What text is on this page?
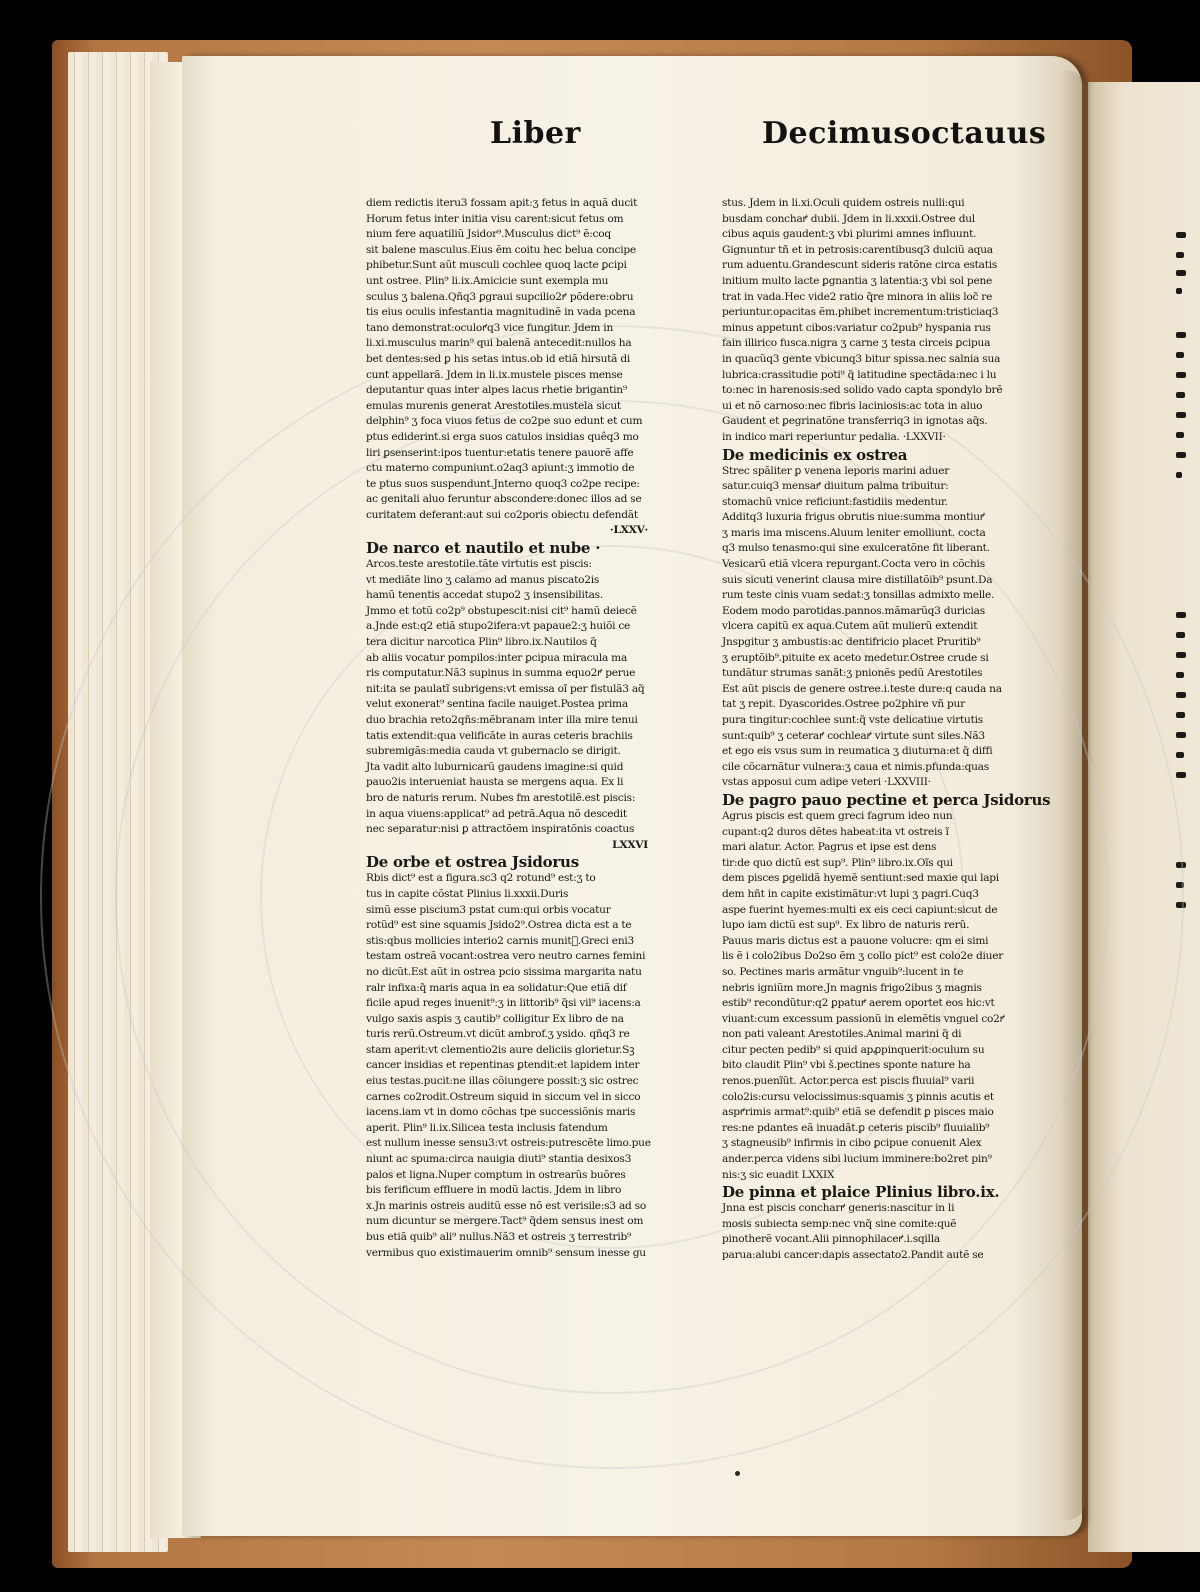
Liber	Decimusoctauus
diem redictis iteru3 fossam apit:ʒ fetus in aquã ducit
Horum fetus inter initia visu carent:sicut fetus om
nium fere aquatiliũ Jsidor⁹.Musculus dict⁹ ẽ:coq
sit balene masculus.Eius ẽm coitu hec belua concipe
phibetur.Sunt aũt musculi cochlee quoq lacte ꝑcipi
unt ostree. Plin⁹ li.ix.Amicicie sunt exempla mu
sculus ʒ balena.Qñq3 ꝑgraui supcilio2ꝵ põdere:obru
tis eius oculis infestantia magnitudinẽ in vada pcena
tano demonstrat:oculoꝵq3 vice fungitur. Jdem in
li.xi.musculus marin⁹ qui balenã antecedit:nullos ha
bet dentes:sed ꝑ his setas intus.ob id etiã hirsutã di
cunt appellarã. Jdem in li.ix.mustele pisces mense
deputantur quas inter alpes lacus rhetie brigantin⁹
emulas murenis generat Arestotiles.mustela sicut
delphin⁹ ʒ foca viuos fetus de co2pe suo edunt et cum
ptus ediderint.si erga suos catulos insidias quêq3 mo
liri ꝑsenserint:ipos tuentur:etatis tenere pauorẽ affe
ctu materno compuniunt.o2aq3 apiunt:ʒ immotio de
te ptus suos suspendunt.Jnterno quoq3 co2pe recipe:
ac genitali aluo feruntur abscondere:donec illos ad se
curitatem deferant:aut sui co2poris obiectu defendãt
·LXXV·
De narco et nautilo et nube ·
Arcos.teste arestotile.tãte virtutis est piscis:
vt mediãte lino ʒ calamo ad manus piscato2is
hamũ tenentis accedat stupo2 ʒ insensibilitas.
Jmmo et totũ co2p⁹ obstupescit:nisi cit⁹ hamũ deiecẽ
a.Jnde est:q2 etiã stupo2ifera:vt papaue2:ʒ huiõi ce
tera dicitur narcotica Plin⁹ libro.ix.Nautilos q̃
ab aliis vocatur pompilos:inter ꝑcipua miracula ma
ris computatur.Nã3 supinus in summa equo2ꝵ perue
nit:ita se paulatĩ subrigens:vt emissa oĩ per fistulã3 aq̃
velut exonerat⁹ sentina facile nauiget.Postea prima
duo brachia reto2qñs:mẽbranam inter illa mire tenui
tatis extendit:qua velificãte in auras ceteris brachiis
subremigãs:media cauda vt gubernaclo se dirigit.
Jta vadit alto luburnicarũ gaudens imagine:si quid
pauo2is interueniat hausta se mergens aqua. Ex li
bro de naturis rerum. Nubes fm arestotilẽ.est piscis:
in aqua viuens:applicat⁹ ad petrã.Aqua nõ descedit
nec separatur:nisi ꝑ attractõem inspiratõnis coactus
LXXVI
De orbe et ostrea Jsidorus
Rbis dict⁹ est a figura.sc3 q2 rotund⁹ est:ʒ to
tus in capite cõstat Plinius li.xxxii.Duris
simũ esse piscium3 pstat cum:qui orbis vocatur
rotũd⁹ est sine squamis Jsido2⁹.Ostrea dicta est a te
stis:qbus mollicies interio2 carnis munitᷣ.Greci eni3
testam ostreã vocant:ostrea vero neutro carnes femini
no dicũt.Est aũt in ostrea pcio sissima margarita natu
ralr infixa:q̃ maris aqua in ea solidatur:Que etiã dif
ficile apud reges inuenit⁹:ʒ in littorib⁹ q̃si vil⁹ iacens:a
vulgo saxis aspis ʒ cautib⁹ colligitur Ex libro de na
turis rerũ.Ostreum.vt dicũt ambrof.ʒ ysido. qñq3 re
stam aperit:vt clementio2is aure deliciis glorietur.Sꝫ
cancer insidias et repentinas ꝑtendit:et lapidem inter
eius testas.pucit:ne illas cõiungere possit:ʒ sic ostrec
carnes co2rodit.Ostreum siquid in siccum vel in sicco
iacens.iam vt in domo cõchas tpe successiõnis maris
aperit. Plin⁹ li.ix.Silicea testa inclusis fatendum
est nullum inesse sensu3:vt ostreis:putrescẽte limo.pue
niunt ac spuma:circa nauigia diuti⁹ stantia desixos3
palos et ligna.Nuper comptum in ostrearũs buõres
bis ferificum effluere in modũ lactis. Jdem in libro
x.Jn marinis ostreis auditũ esse nõ est verisile:s3 ad so
num dicuntur se mergere.Tact⁹ q̃dem sensus inest om
bus etiã quib⁹ ali⁹ nullus.Nã3 et ostreis ʒ terrestrib⁹
vermibus quo existimauerim omnib⁹ sensum inesse gu
stus. Jdem in li.xi.Oculi quidem ostreis nulli:qui
busdam conchaꝵ dubii. Jdem in li.xxxii.Ostree dul
cibus aquis gaudent:ʒ vbi plurimi amnes influunt.
Gignuntur tñ et in petrosis:carentibusq3 dulciũ aqua
rum aduentu.Grandescunt sideris ratõne circa estatis
initium multo lacte ꝑgnantia ʒ latentia:ʒ vbi sol pene
trat in vada.Hec vide2 ratio q̃re minora in aliis loc̃ re
periuntur.opacitas ẽm.phibet incrementum:tristiciaq3
minus appetunt cibos:variatur co2pub⁹ hyspania rus
fain illirico fusca.nigra ʒ carne ʒ testa circeis ꝑcipua
in quacũq3 gente vbicunq3 bitur spissa.nec salnia sua
lubrica:crassitudie poti⁹ q̃ latitudine spectãda:nec i lu
to:nec in harenosis:sed solido vado capta spondylo brẽ
ui et nõ carnoso:nec fibris laciniosis:ac tota in aluo
Gaudent et ꝑegrinatõne transferriq3 in ignotas aq̃s.
in indico mari reperiuntur pedalia. ·LXXVII·
De medicinis ex ostrea
Strec spãliter ꝑ venena leporis marini aduer
satur.cuiq3 mensaꝵ diuitum palma tribuitur:
stomachũ vnice reficiunt:fastidiis medentur.
Additq3 luxuria frigus obrutis niue:summa montiuꝵ
ʒ maris ima miscens.Aluum leniter emolliunt. cocta
q3 mulso tenasmo:qui sine exulceratõne fit liberant.
Vesicarũ etiã vlcera repurgant.Cocta vero in cõchis
suis sicuti venerint clausa mire distillatõib⁹ psunt.Da
rum teste cinis vuam sedat:ʒ tonsillas admixto melle.
Eodem modo parotidas.pannos.mãmarũq3 duricias
vlcera capitũ ex aqua.Cutem aũt mulierũ extendit
Jnspgitur ʒ ambustis:ac dentifricio placet Pruritib⁹
ʒ eruptõib⁹.pituite ex aceto medetur.Ostree crude si
tundãtur strumas sanãt:ʒ pnionẽs pedũ Arestotiles
Est aũt piscis de genere ostree.i.teste dure:q cauda na
tat ʒ repit. Dyascorides.Ostree po2phire vñ pur
pura tingitur:cochlee sunt:q̃ vste delicatiue virtutis
sunt:quib⁹ ʒ ceteraꝵ cochleaꝵ virtute sunt siles.Nã3
et ego eis vsus sum in reumatica ʒ diuturna:et q̃ diffi
cile cõcarnãtur vulnera:ʒ caua et nimis.pfunda:quas
vstas apposui cum adipe veteri ·LXXVIII·
De pagro pauo pectine et perca Jsidorus
Agrus piscis est quem greci fagrum ideo nun
cupant:q2 duros dẽtes habeat:ita vt ostreis ĩ
mari alatur. Actor. Pagrus et ipse est dens
tir:de quo dictũ est sup⁹. Plin⁹ libro.ix.Oĩs qui
dem pisces ꝑgelidã hyemẽ sentiunt:sed maxie qui lapi
dem hñt in capite existimãtur:vt lupi ʒ pagri.Cuq3
aspe fuerint hyemes:multi ex eis ceci capiunt:sicut de
lupo iam dictũ est sup⁹. Ex libro de naturis rerũ.
Pauus maris dictus est a pauone volucre: qm ei simi
lis ẽ i colo2ibus Do2so ẽm ʒ collo pict⁹ est colo2e diuer
so. Pectines maris armãtur vnguib⁹:lucent in te
nebris igniũm more.Jn magnis frigo2ibus ʒ magnis
estib⁹ recondũtur:q2 ꝑpatuꝵ aerem oportet eos hic:vt
viuant:cum excessum passionũ in elemẽtis vnguel co2ꝵ
non pati valeant Arestotiles.Animal marini q̃ di
citur pecten pedib⁹ si quid apꝓpinquerit:oculum su
bito claudit Plin⁹ vbi š.pectines sponte nature ha
renos.puenĩũt. Actor.perca est piscis fluuial⁹ varii
colo2is:cursu velocissimus:squamis ʒ pinnis acutis et
aspꝵrimis armat⁹:quib⁹ etiã se defendit ꝑ pisces maio
res:ne pdantes eã inuadãt.ꝑ ceteris piscib⁹ fluuialib⁹
ʒ stagneusib⁹ infirmis in cibo ꝑcipue conuenit Alex
ander.perca videns sibi lucium imminere:bo2ret pin⁹
nis:ʒ sic euadit LXXIX
De pinna et plaice Plinius libro.ix.
Jnna est piscis concharꝵ generis:nascitur in li
mosis subiecta semp:nec vnq̃ sine comite:quẽ
pinotherẽ vocant.Alii pinnophilaceꝵ.i.sqilla
parua:alubi cancer:dapis assectato2.Pandit autẽ se
